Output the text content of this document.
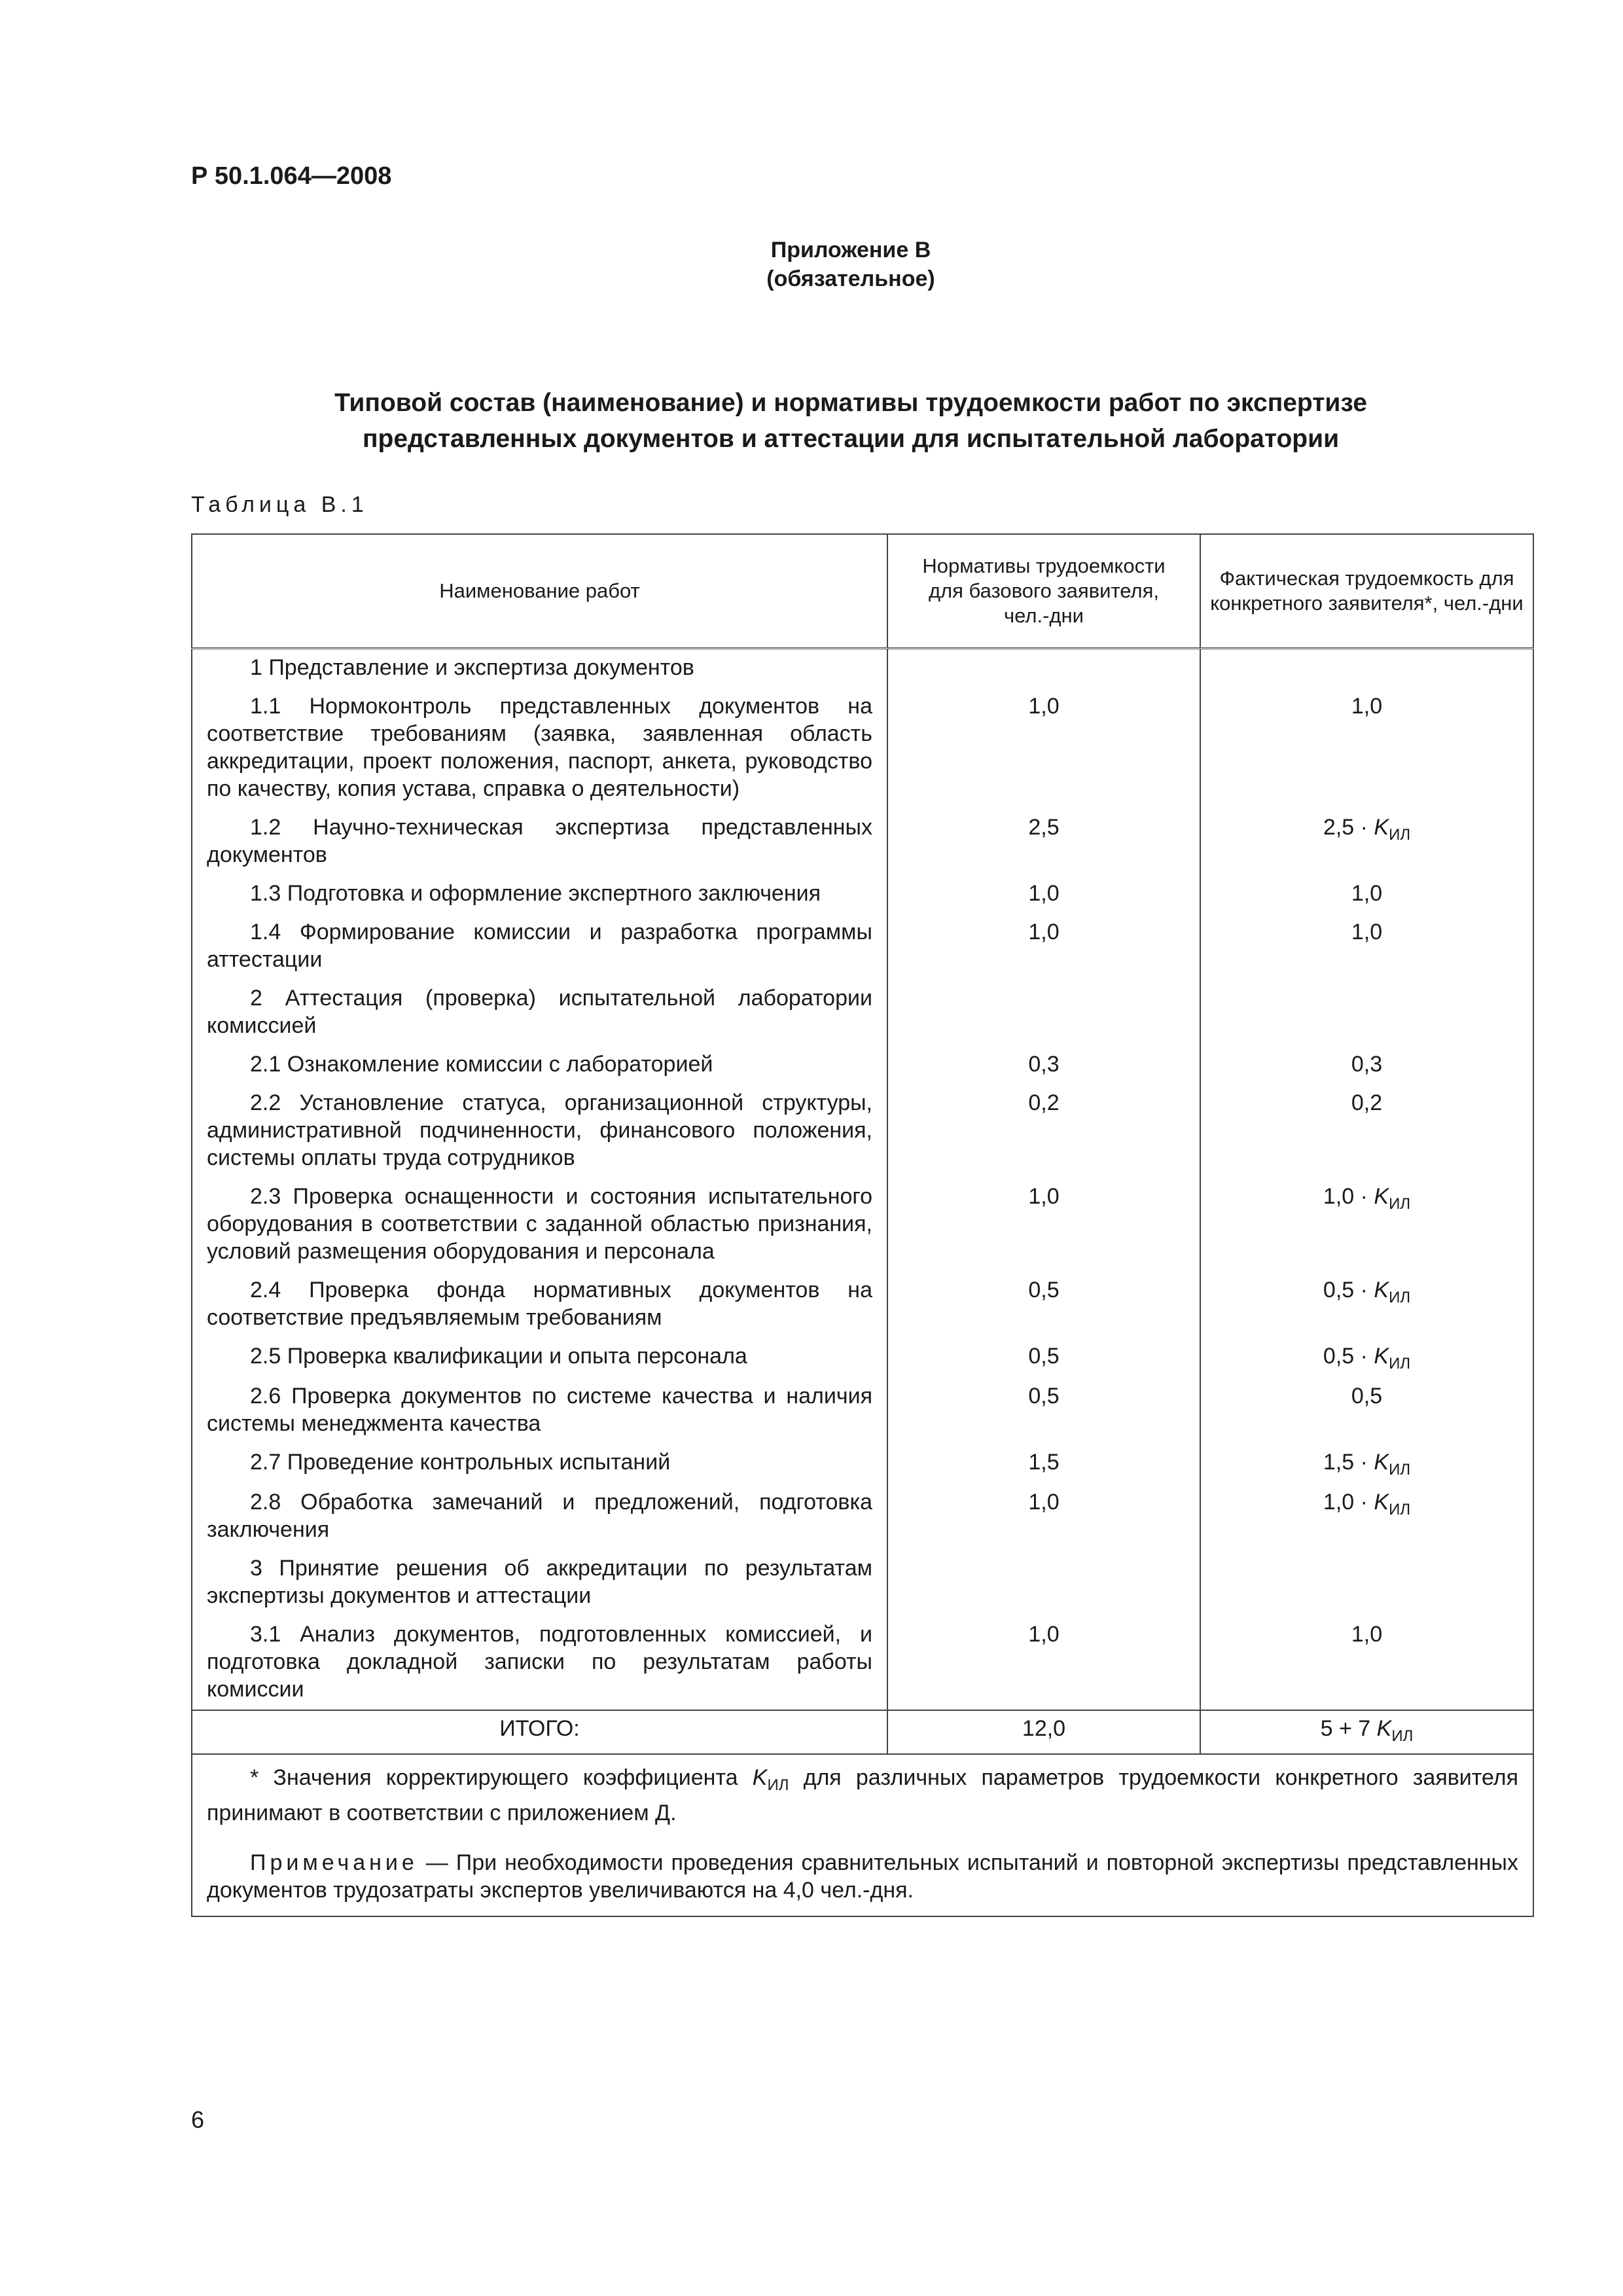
Р 50.1.064—2008
Приложение В
(обязательное)
Типовой состав (наименование) и нормативы трудоемкости работ по экспертизе представленных документов и аттестации для испытательной лаборатории
Таблица В.1
Наименование работ	Нормативы трудоемкости для базового заявителя, чел.-дни	Фактическая трудоемкость для конкретного заявителя*, чел.-дни
1 Представление и экспертиза документов		
1.1 Нормоконтроль представленных документов на соответствие требованиям (заявка, заявленная область аккредитации, проект положения, паспорт, анкета, руководство по качеству, копия устава, справка о деятельности)	1,0	1,0
1.2 Научно-техническая экспертиза представленных документов	2,5	$2,5 \cdot K_{ИЛ}$
1.3 Подготовка и оформление экспертного заключения	1,0	1,0
1.4 Формирование комиссии и разработка программы аттестации	1,0	1,0
2 Аттестация (проверка) испытательной лаборатории комиссией		
2.1 Ознакомление комиссии с лабораторией	0,3	0,3
2.2 Установление статуса, организационной структуры, административной подчиненности, финансового положения, системы оплаты труда сотрудников	0,2	0,2
2.3 Проверка оснащенности и состояния испытательного оборудования в соответствии с заданной областью признания, условий размещения оборудования и персонала	1,0	$1,0 \cdot K_{ИЛ}$
2.4 Проверка фонда нормативных документов на соответствие предъявляемым требованиям	0,5	$0,5 \cdot K_{ИЛ}$
2.5 Проверка квалификации и опыта персонала	0,5	$0,5 \cdot K_{ИЛ}$
2.6 Проверка документов по системе качества и наличия системы менеджмента качества	0,5	0,5
2.7 Проведение контрольных испытаний	1,5	$1,5 \cdot K_{ИЛ}$
2.8 Обработка замечаний и предложений, подготовка заключения	1,0	$1,0 \cdot K_{ИЛ}$
3 Принятие решения об аккредитации по результатам экспертизы документов и аттестации		
3.1 Анализ документов, подготовленных комиссией, и подготовка докладной записки по результатам работы комиссии	1,0	1,0
ИТОГО:	12,0	5 + 7 $K_{ИЛ}$

* Значения корректирующего коэффициента $K_{ИЛ}$ для различных параметров трудоемкости конкретного заявителя принимают в соответствии с приложением Д.

Примечание — При необходимости проведения сравнительных испытаний и повторной экспертизы представленных документов трудозатраты экспертов увеличиваются на 4,0 чел.-дня.		

6
